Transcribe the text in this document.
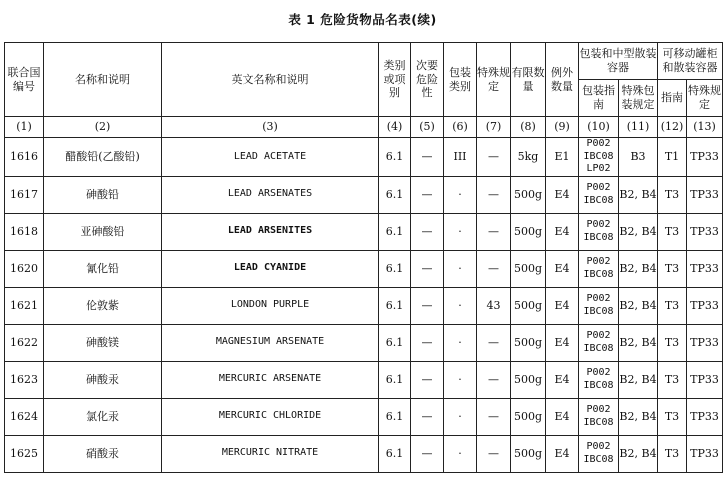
表 1 危险货物品名表(续)
联合国编号	名称和说明	英文名称和说明	类别或项别	次要危险性	包装类别	特殊规定	有限数量	例外数量	包装和中型散装容器		可移动罐柜和散装容器	
									包装指南	特殊包装规定	指南	特殊规定
(1)	(2)	(3)	(4)	(5)	(6)	(7)	(8)	(9)	(10)	(11)	(12)	(13)
1616	醋酸铅(乙酸铅)	LEAD ACETATE	6.1	—	III	—	5kg	E1	P002
IBC08
LP02	B3	T1	TP33
1617	砷酸铅	LEAD ARSENATES	6.1	—	·	—	500g	E4	P002
IBC08	B2, B4	T3	TP33
1618	亚砷酸铅	LEAD ARSENITES	6.1	—	·	—	500g	E4	P002
IBC08	B2, B4	T3	TP33
1620	氰化铅	LEAD CYANIDE	6.1	—	·	—	500g	E4	P002
IBC08	B2, B4	T3	TP33
1621	伦敦紫	LONDON PURPLE	6.1	—	·	43	500g	E4	P002
IBC08	B2, B4	T3	TP33
1622	砷酸镁	MAGNESIUM ARSENATE	6.1	—	·	—	500g	E4	P002
IBC08	B2, B4	T3	TP33
1623	砷酸汞	MERCURIC ARSENATE	6.1	—	·	—	500g	E4	P002
IBC08	B2, B4	T3	TP33
1624	氯化汞	MERCURIC CHLORIDE	6.1	—	·	—	500g	E4	P002
IBC08	B2, B4	T3	TP33
1625	硝酸汞	MERCURIC NITRATE	6.1	—	·	—	500g	E4	P002
IBC08	B2, B4	T3	TP33
